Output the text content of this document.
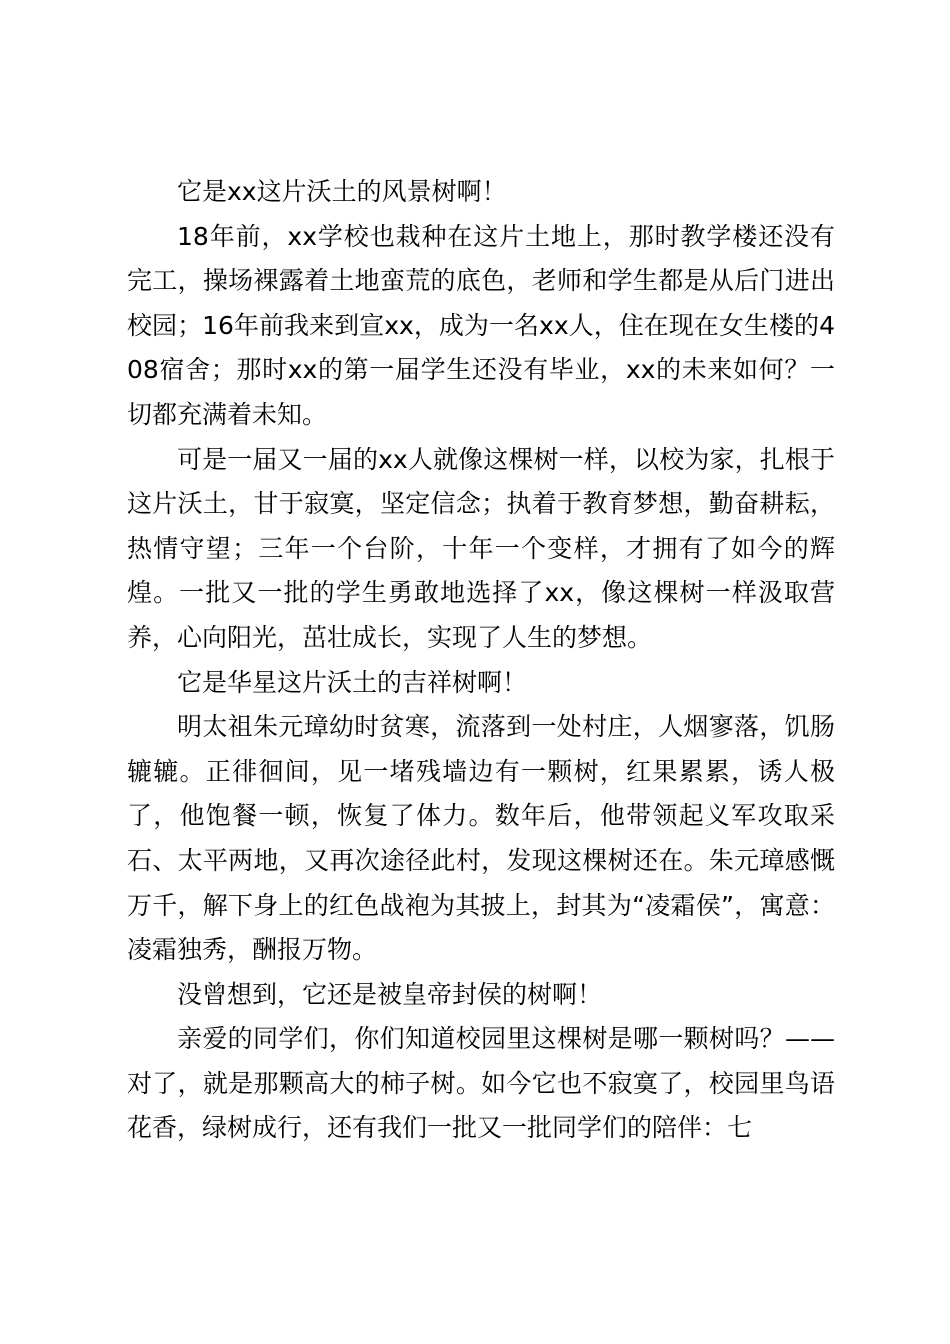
它是xx这片沃土的风景树啊！

18年前，xx学校也栽种在这片土地上，那时教学楼还没有完工，操场裸露着土地蛮荒的底色，老师和学生都是从后门进出校园；16年前我来到宣xx，成为一名xx人，住在现在女生楼的408宿舍；那时xx的第一届学生还没有毕业，xx的未来如何？一切都充满着未知。

可是一届又一届的xx人就像这棵树一样，以校为家，扎根于这片沃土，甘于寂寞，坚定信念；执着于教育梦想，勤奋耕耘，热情守望；三年一个台阶，十年一个变样，才拥有了如今的辉煌。一批又一批的学生勇敢地选择了xx，像这棵树一样汲取营养，心向阳光，茁壮成长，实现了人生的梦想。

它是华星这片沃土的吉祥树啊！

明太祖朱元璋幼时贫寒，流落到一处村庄，人烟寥落，饥肠辘辘。正徘徊间，见一堵残墙边有一颗树，红果累累，诱人极了，他饱餐一顿，恢复了体力。数年后，他带领起义军攻取采石、太平两地，又再次途径此村，发现这棵树还在。朱元璋感慨万千，解下身上的红色战袍为其披上，封其为“凌霜侯”，寓意：凌霜独秀，酬报万物。

没曾想到，它还是被皇帝封侯的树啊！

亲爱的同学们，你们知道校园里这棵树是哪一颗树吗？——对了，就是那颗高大的柿子树。如今它也不寂寞了，校园里鸟语花香，绿树成行，还有我们一批又一批同学们的陪伴：七
